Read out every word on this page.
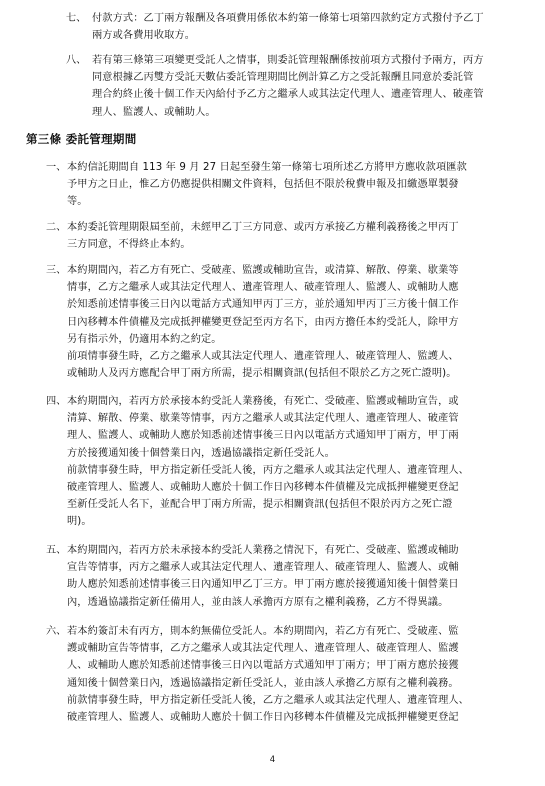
七、 付款方式：乙丁兩方報酬及各項費用係依本約第一條第七項第四款約定方式撥付予乙丁
兩方或各費用收取方。
八、 若有第三條第三項變更受託人之情事，則委託管理報酬係按前項方式撥付予兩方，丙方
同意根據乙丙雙方受託天數佔委託管理期間比例計算乙方之受託報酬且同意於委託管
理合約終止後十個工作天內給付予乙方之繼承人或其法定代理人、遺產管理人、破產管
理人、監護人、或輔助人。
第三條 委託管理期間
一、 本約信託期間自 113 年 9 月 27 日起至發生第一條第七項所述乙方將甲方應收款項匯款
予甲方之日止，惟乙方仍應提供相關文件資料，包括但不限於稅費申報及扣繳憑單製發
等。
二、 本約委託管理期限屆至前，未經甲乙丁三方同意、或丙方承接乙方權利義務後之甲丙丁
三方同意，不得終止本約。
三、 本約期間內，若乙方有死亡、受破產、監護或輔助宣告，或清算、解散、停業、歇業等
情事，乙方之繼承人或其法定代理人、遺產管理人、破產管理人、監護人、或輔助人應
於知悉前述情事後三日內以電話方式通知甲丙丁三方，並於通知甲丙丁三方後十個工作
日內移轉本件債權及完成抵押權變更登記至丙方名下，由丙方擔任本約受託人，除甲方
另有指示外，仍適用本約之約定。
前項情事發生時，乙方之繼承人或其法定代理人、遺產管理人、破產管理人、監護人、
或輔助人及丙方應配合甲丁兩方所需，提示相關資訊(包括但不限於乙方之死亡證明)。
四、 本約期間內，若丙方於承接本約受託人業務後，有死亡、受破產、監護或輔助宣告，或
清算、解散、停業、歇業等情事，丙方之繼承人或其法定代理人、遺產管理人、破產管
理人、監護人、或輔助人應於知悉前述情事後三日內以電話方式通知甲丁兩方，甲丁兩
方於接獲通知後十個營業日內，透過協議指定新任受託人。
前款情事發生時，甲方指定新任受託人後，丙方之繼承人或其法定代理人、遺產管理人、
破產管理人、監護人、或輔助人應於十個工作日內移轉本件債權及完成抵押權變更登記
至新任受託人名下，並配合甲丁兩方所需，提示相關資訊(包括但不限於丙方之死亡證
明)。
五、 本約期間內，若丙方於未承接本約受託人業務之情況下，有死亡、受破產、監護或輔助
宣告等情事，丙方之繼承人或其法定代理人、遺產管理人、破產管理人、監護人、或輔
助人應於知悉前述情事後三日內通知甲乙丁三方。甲丁兩方應於接獲通知後十個營業日
內，透過協議指定新任備用人，並由該人承擔丙方原有之權利義務，乙方不得異議。
六、 若本約簽訂未有丙方，則本約無備位受託人。本約期間內，若乙方有死亡、受破產、監
護或輔助宣告等情事，乙方之繼承人或其法定代理人、遺產管理人、破產管理人、監護
人、或輔助人應於知悉前述情事後三日內以電話方式通知甲丁兩方；甲丁兩方應於接獲
通知後十個營業日內，透過協議指定新任受託人，並由該人承擔乙方原有之權利義務。
前款情事發生時，甲方指定新任受託人後，乙方之繼承人或其法定代理人、遺產管理人、
破產管理人、監護人、或輔助人應於十個工作日內移轉本件債權及完成抵押權變更登記
4
